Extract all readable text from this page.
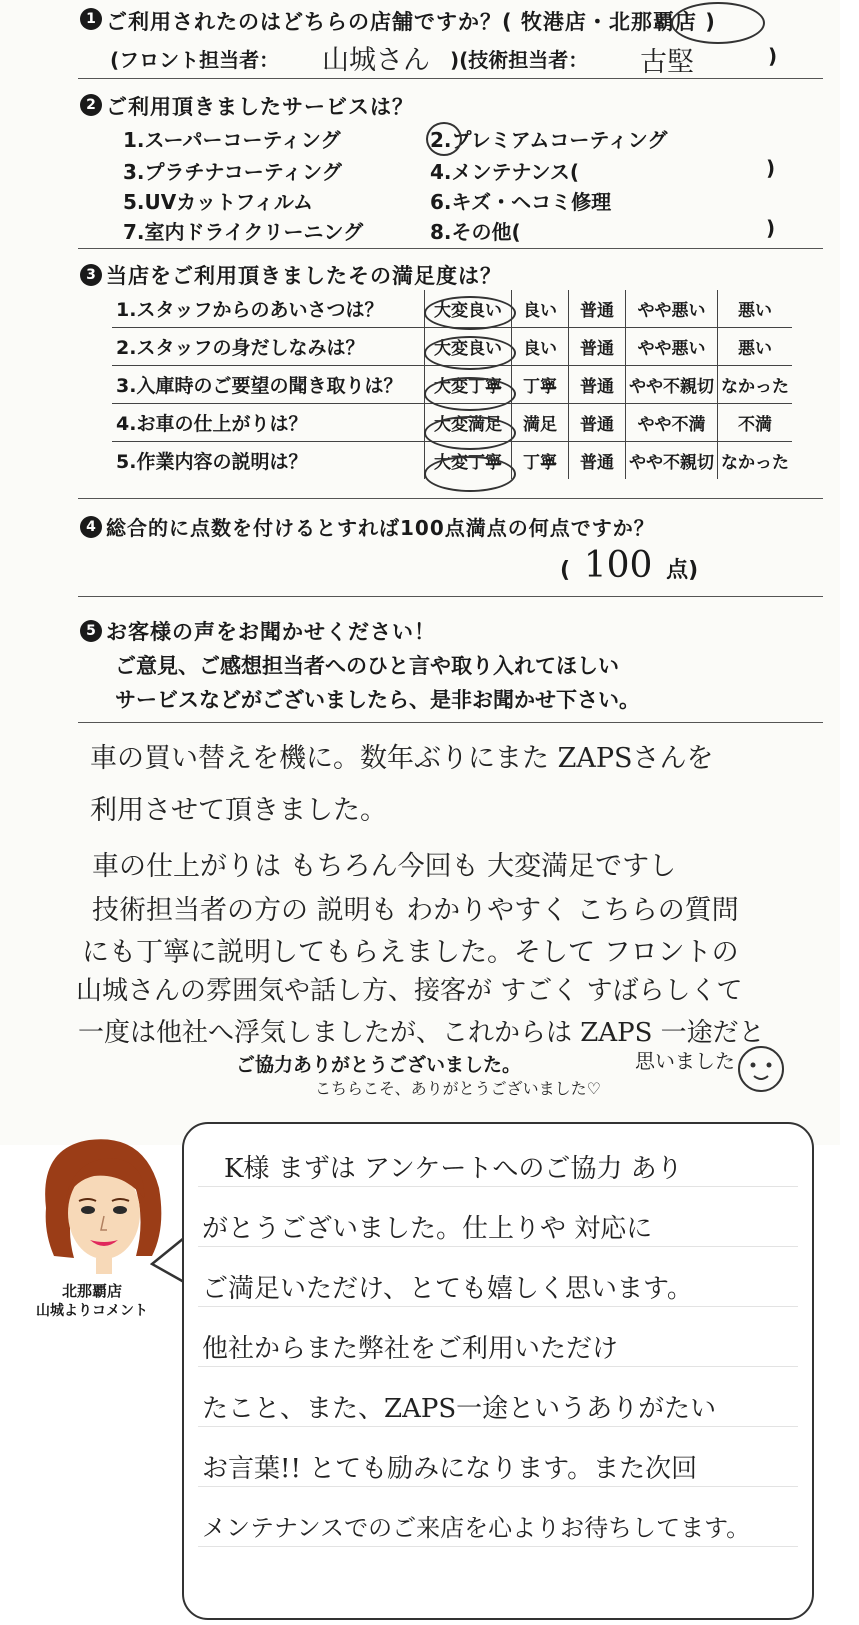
1 ご利用されたのはどちらの店舗ですか？( 牧港店・北那覇店 )
(フロント担当者： 山城さん )(技術担当者： 古堅	)
2 ご利用頂きましたサービスは？
1.スーパーコーティング	2.プレミアムコーティング
3.プラチナコーティング	4.メンテナンス(	)
5.UVカットフィルム	6.キズ・ヘコミ修理
7.室内ドライクリーニング	8.その他(	)
3 当店をご利用頂きましたその満足度は？
1.スタッフからのあいさつは？	大変良い	良い	普通	やや悪い	悪い
2.スタッフの身だしなみは？	大変良い	良い	普通	やや悪い	悪い
3.入庫時のご要望の聞き取りは？	大変丁寧	丁寧	普通	やや不親切	なかった
4.お車の仕上がりは？	大変満足	満足	普通	やや不満	不満
5.作業内容の説明は？	大変丁寧	丁寧	普通	やや不親切	なかった
4 総合的に点数を付けるとすれば100点満点の何点ですか？
( 100 点)
5 お客様の声をお聞かせください！
ご意見、ご感想担当者へのひと言や取り入れてほしい
サービスなどがございましたら、是非お聞かせ下さい。
車の買い替えを機に。数年ぶりにまた ZAPSさんを
利用させて頂きました。
車の仕上がりは もちろん今回も 大変満足ですし
技術担当者の方の 説明も わかりやすく こちらの質問
にも丁寧に説明してもらえました。そして フロントの
山城さんの雰囲気や話し方、接客が すごく すばらしくて
一度は他社へ浮気しましたが、これからは ZAPS 一途だと
思いました
ご協力ありがとうございました。
こちらこそ、ありがとうございました♡
北那覇店
山城よりコメント
K様 まずは アンケートへのご協力 あり
がとうございました。仕上りや 対応に
ご満足いただけ、とても嬉しく思います。
他社からまた弊社をご利用いただけ
たこと、また、ZAPS一途というありがたい
お言葉!! とても励みになります。また次回
メンテナンスでのご来店を心よりお待ちしてます。
